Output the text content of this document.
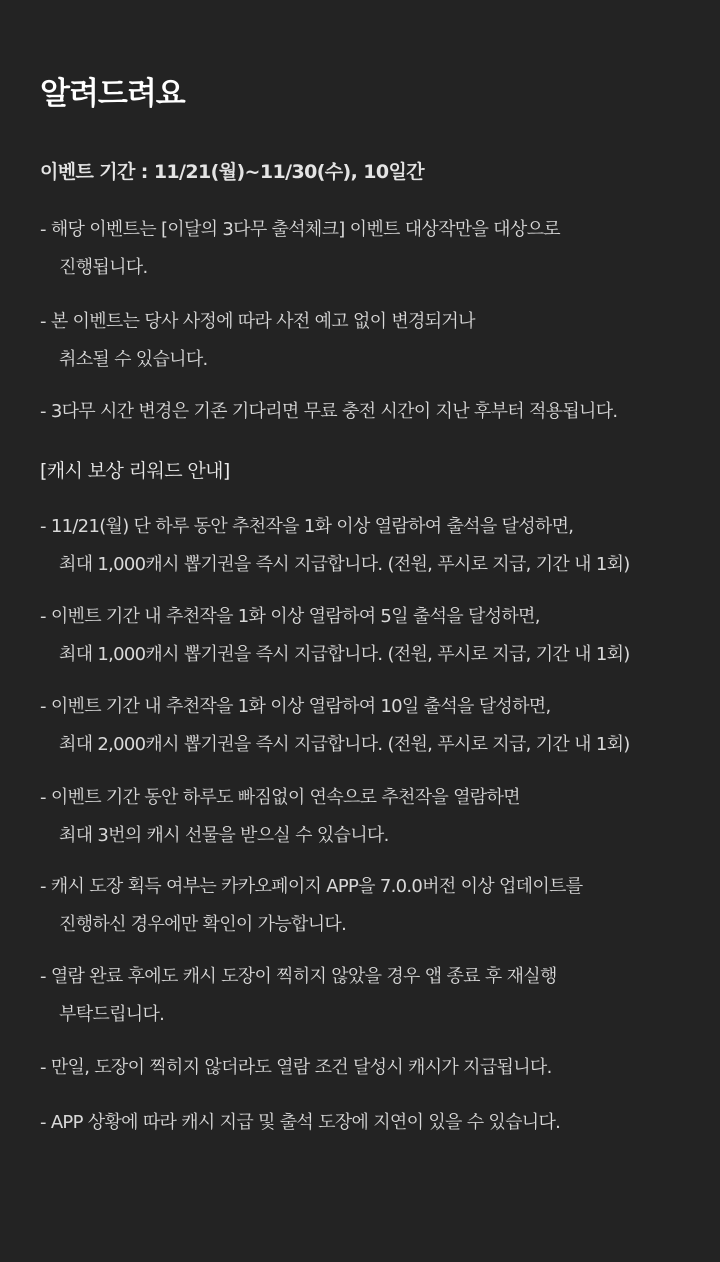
알려드려요

이벤트 기간 : 11/21(월)~11/30(수), 10일간

- 해당 이벤트는 [이달의 3다무 출석체크] 이벤트 대상작만을 대상으로
진행됩니다.

- 본 이벤트는 당사 사정에 따라 사전 예고 없이 변경되거나
취소될 수 있습니다.

- 3다무 시간 변경은 기존 기다리면 무료 충전 시간이 지난 후부터 적용됩니다.

[캐시 보상 리워드 안내]

- 11/21(월) 단 하루 동안 추천작을 1화 이상 열람하여 출석을 달성하면,
최대 1,000캐시 뽑기권을 즉시 지급합니다. (전원, 푸시로 지급, 기간 내 1회)

- 이벤트 기간 내 추천작을 1화 이상 열람하여 5일 출석을 달성하면,
최대 1,000캐시 뽑기권을 즉시 지급합니다. (전원, 푸시로 지급, 기간 내 1회)

- 이벤트 기간 내 추천작을 1화 이상 열람하여 10일 출석을 달성하면,
최대 2,000캐시 뽑기권을 즉시 지급합니다. (전원, 푸시로 지급, 기간 내 1회)

- 이벤트 기간 동안 하루도 빠짐없이 연속으로 추천작을 열람하면
최대 3번의 캐시 선물을 받으실 수 있습니다.

- 캐시 도장 획득 여부는 카카오페이지 APP을 7.0.0버전 이상 업데이트를
진행하신 경우에만 확인이 가능합니다.

- 열람 완료 후에도 캐시 도장이 찍히지 않았을 경우 앱 종료 후 재실행
부탁드립니다.

- 만일, 도장이 찍히지 않더라도 열람 조건 달성시 캐시가 지급됩니다.

- APP 상황에 따라 캐시 지급 및 출석 도장에 지연이 있을 수 있습니다.
